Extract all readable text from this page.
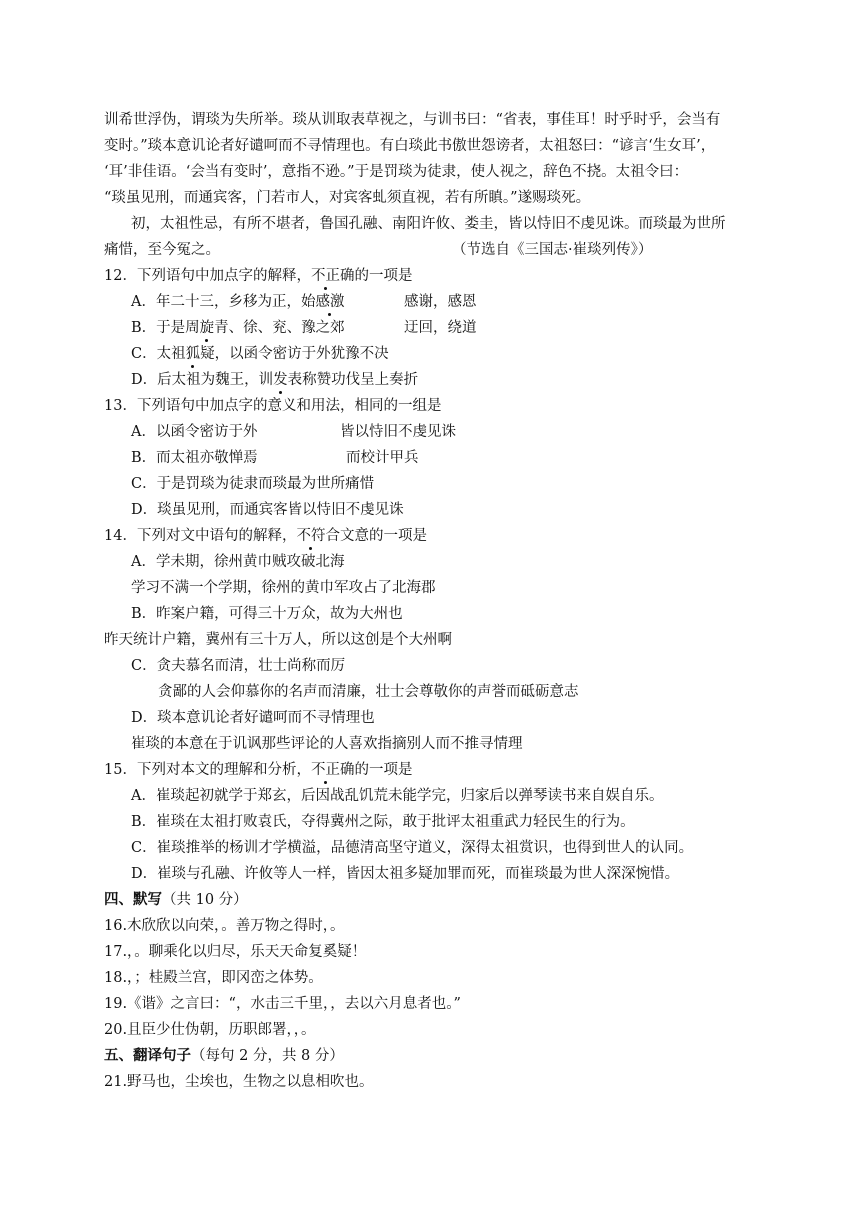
训希世浮伪，谓琰为失所举。琰从训取表草视之，与训书曰：“省表，事佳耳！时乎时乎，会当有
变时。”琰本意讥论者好谴呵而不寻情理也。有白琰此书傲世怨谤者，太祖怒曰：“谚言‘生女耳’，
‘耳’非佳语。‘会当有变时’，意指不逊。”于是罚琰为徒隶，使人视之，辞色不挠。太祖令曰：
“琰虽见刑，而通宾客，门若市人，对宾客虬须直视，若有所瞋。”遂赐琰死。
初，太祖性忌，有所不堪者，鲁国孔融、南阳许攸、娄圭，皆以恃旧不虔见诛。而琰最为世所
痛惜，至今冤之。	（节选自《三国志·崔琰列传》）
12．下列语句中加点字的解释，不正
确的一项是
A．年二十三，乡移为正，始感激	感谢，感恩
B．于是周旋
青、徐、兖、豫之郊	迂回，绕道
C．太祖狐
疑，以函令密访于外犹豫不决
D．后太祖为魏王，训发
表称赞功伐呈上奏折
13．下列语句中加点字的意义和用法，相同的一组是
A．以函令密访于外	皆以恃旧不虔见诛
B．而太祖亦敬惮焉	而校计甲兵
C．于是罚琰为徒隶而琰最为世所痛惜
D．琰虽见刑，而通宾客皆以恃旧不虔见诛
14．下列对文中语句的解释，不符
合文意的一项是
A．学未期，徐州黄巾贼攻破北海
学习不满一个学期，徐州的黄巾军攻占了北海郡
B．昨案户籍，可得三十万众，故为大州也
昨天统计户籍，冀州有三十万人，所以这创是个大州啊
C．贪夫慕名而清，壮士尚称而厉
贪鄙的人会仰慕你的名声而清廉，壮士会尊敬你的声誉而砥砺意志
D．琰本意讥论者好谴呵而不寻情理也
崔琰的本意在于讥讽那些评论的人喜欢指摘别人而不推寻情理
15．下列对本文的理解和分析，不正
确的一项是
A．崔琰起初就学于郑玄，后因战乱饥荒未能学完，归家后以弹琴读书来自娱自乐。
B．崔琰在太祖打败袁氏，夺得冀州之际，敢于批评太祖重武力轻民生的行为。
C．崔琰推举的杨训才学横溢，品德清高坚守道义，深得太祖赏识，也得到世人的认同。
D．崔琰与孔融、许攸等人一样，皆因太祖多疑加罪而死，而崔琰最为世人深深惋惜。
四、默写（共 10 分）
16.木欣欣以向荣，。善万物之得时，。
17.，。聊乘化以归尽，乐天天命复奚疑！
18.，；桂殿兰宫，即冈峦之体势。
19.《谐》之言曰：“，水击三千里，，去以六月息者也。”
20.且臣少仕伪朝，历职郎署，，。
五、翻译句子（每句 2 分，共 8 分）
21.野马也，尘埃也，生物之以息相吹也。
